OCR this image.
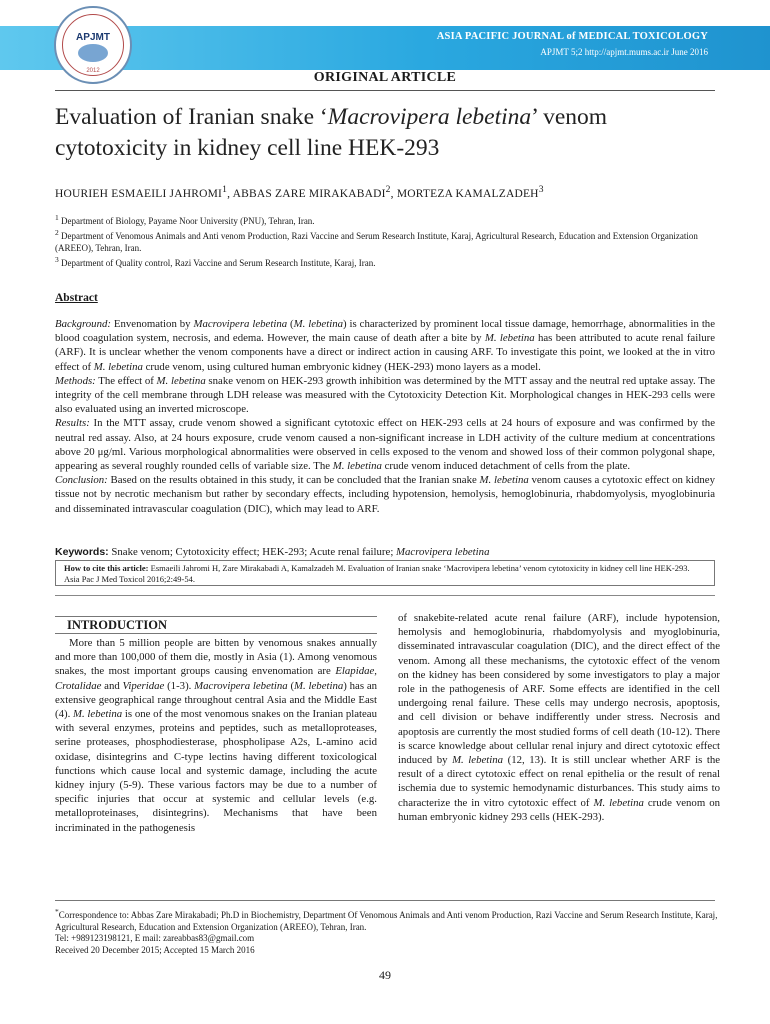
ASIA PACIFIC JOURNAL of MEDICAL TOXICOLOGY
APJMT 5;2 http://apjmt.mums.ac.ir June 2016
APJMT
2012	ORIGINAL ARTICLE
Evaluation of Iranian snake ‘Macrovipera lebetina’ venom cytotoxicity in kidney cell line HEK-293
HOURIEH ESMAEILI JAHROMI$^1$, ABBAS ZARE MIRAKABADI$^2$, MORTEZA KAMALZADEH$^3$

$^1$ Department of Biology, Payame Noor University (PNU), Tehran, Iran.

$^2$ Department of Venomous Animals and Anti venom Production, Razi Vaccine and Serum Research Institute, Karaj, Agricultural Research, Education and Extension Organization (AREEO), Tehran, Iran.

$^3$ Department of Quality control, Razi Vaccine and Serum Research Institute, Karaj, Iran.

Abstract

Background: Envenomation by Macrovipera lebetina (M. lebetina) is characterized by prominent local tissue damage, hemorrhage, abnormalities in the blood coagulation system, necrosis, and edema. However, the main cause of death after a bite by M. lebetina has been attributed to acute renal failure (ARF). It is unclear whether the venom components have a direct or indirect action in causing ARF. To investigate this point, we looked at the in vitro effect of M. lebetina crude venom, using cultured human embryonic kidney (HEK-293) mono layers as a model.

Methods: The effect of M. lebetina snake venom on HEK-293 growth inhibition was determined by the MTT assay and the neutral red uptake assay. The integrity of the cell membrane through LDH release was measured with the Cytotoxicity Detection Kit. Morphological changes in HEK-293 cells were also evaluated using an inverted microscope.

Results: In the MTT assay, crude venom showed a significant cytotoxic effect on HEK-293 cells at 24 hours of exposure and was confirmed by the neutral red assay. Also, at 24 hours exposure, crude venom caused a non-significant increase in LDH activity of the culture medium at concentrations above 20 μg/ml. Various morphological abnormalities were observed in cells exposed to the venom and showed loss of their common polygonal shape, appearing as several roughly rounded cells of variable size. The M. lebetina crude venom induced detachment of cells from the plate.

Conclusion: Based on the results obtained in this study, it can be concluded that the Iranian snake M. lebetina venom causes a cytotoxic effect on kidney tissue not by necrotic mechanism but rather by secondary effects, including hypotension, hemolysis, hemoglobinuria, rhabdomyolysis, myoglobinuria and disseminated intravascular coagulation (DIC), which may lead to ARF.

Keywords: Snake venom; Cytotoxicity effect; HEK-293; Acute renal failure; Macrovipera lebetina
How to cite this article: Esmaeili Jahromi H, Zare Mirakabadi A, Kamalzadeh M. Evaluation of Iranian snake ‘Macrovipera lebetina’ venom cytotoxicity in kidney cell line HEK-293. Asia Pac J Med Toxicol 2016;2:49-54.
INTRODUCTION

More than 5 million people are bitten by venomous snakes annually and more than 100,000 of them die, mostly in Asia (1). Among venomous snakes, the most important groups causing envenomation are Elapidae, Crotalidae and Viperidae (1-3). Macrovipera lebetina (M. lebetina) has an extensive geographical range throughout central Asia and the Middle East (4). M. lebetina is one of the most venomous snakes on the Iranian plateau with several enzymes, proteins and peptides, such as metalloproteases, serine proteases, phosphodiesterase, phospholipase A2s, L-amino acid oxidase, disintegrins and C-type lectins having different toxicological functions which cause local and systemic damage, including the acute kidney injury (5-9). These various factors may be due to a number of specific injuries that occur at systemic and cellular levels (e.g. metalloproteinases, disintegrins). Mechanisms that have been incriminated in the pathogenesis

of snakebite-related acute renal failure (ARF), include hypotension, hemolysis and hemoglobinuria, rhabdomyolysis and myoglobinuria, disseminated intravascular coagulation (DIC), and the direct effect of the venom. Among all these mechanisms, the cytotoxic effect of the venom on the kidney has been considered by some investigators to play a major role in the pathogenesis of ARF. Some effects are identified in the cell undergoing renal failure. These cells may undergo necrosis, apoptosis, and cell division or behave indifferently under stress. Necrosis and apoptosis are currently the most studied forms of cell death (10-12). There is scarce knowledge about cellular renal injury and direct cytotoxic effect induced by M. lebetina (12, 13). It is still unclear whether ARF is the result of a direct cytotoxic effect on renal epithelia or the result of renal ischemia due to systemic hemodynamic disturbances. This study aims to characterize the in vitro cytotoxic effect of M. lebetina crude venom on human embryonic kidney 293 cells (HEK-293).

*Correspondence to: Abbas Zare Mirakabadi; Ph.D in Biochemistry, Department Of Venomous Animals and Anti venom Production, Razi Vaccine and Serum Research Institute, Karaj, Agricultural Research, Education and Extension Organization (AREEO), Tehran, Iran.

Tel: +989123198121, E mail: zareabbas83@gmail.com

Received 20 December 2015; Accepted 15 March 2016

49
